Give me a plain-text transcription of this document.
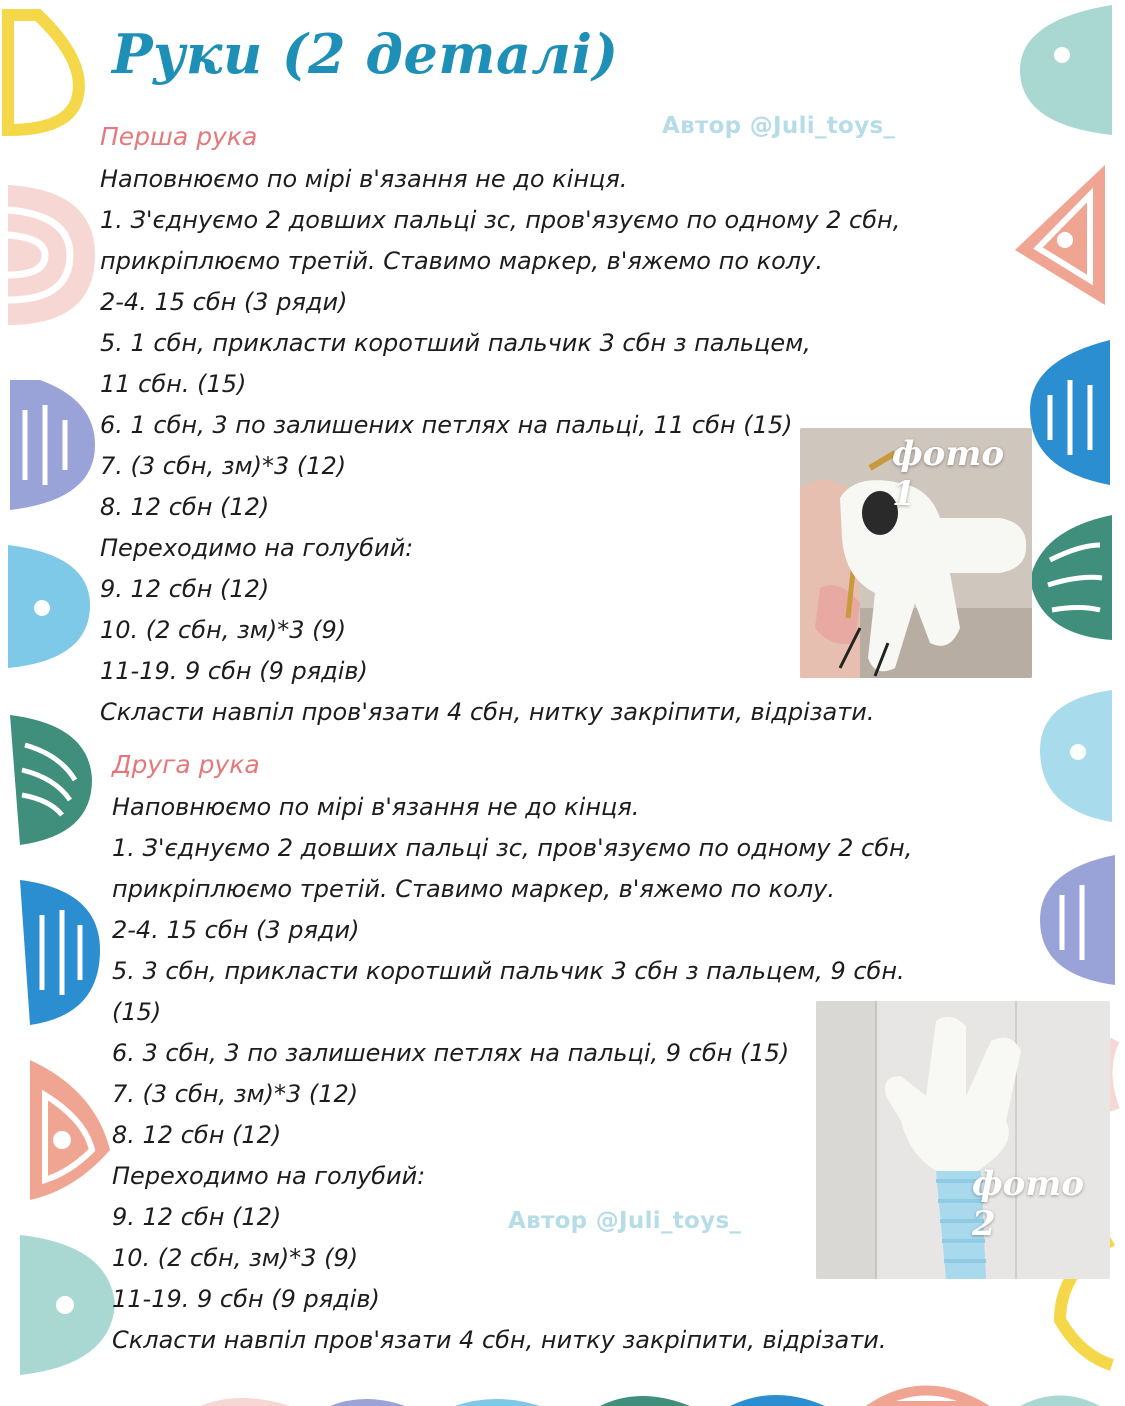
Руки (2 деталі)
Автор @Juli_toys_
Автор @Juli_toys_
Перша рука
Наповнюємо по мірі в'язання не до кінця.
1. З'єднуємо 2 довших пальці зс, пров'язуємо по одному 2 сбн,
прикріплюємо третій. Ставимо маркер, в'яжемо по колу.
2-4. 15 сбн (3 ряди)
5. 1 сбн, прикласти коротший пальчик 3 сбн з пальцем,
11 сбн. (15)
6. 1 сбн, 3 по залишених петлях на пальці, 11 сбн (15)
7. (3 сбн, зм)*3 (12)
8. 12 сбн (12)
Переходимо на голубий:
9. 12 сбн (12)
10. (2 сбн, зм)*3 (9)
11-19. 9 сбн (9 рядів)
Скласти навпіл пров'язати 4 сбн, нитку закріпити, відрізати.
Друга рука
Наповнюємо по мірі в'язання не до кінця.
1. З'єднуємо 2 довших пальці зс, пров'язуємо по одному 2 сбн,
прикріплюємо третій. Ставимо маркер, в'яжемо по колу.
2-4. 15 сбн (3 ряди)
5. 3 сбн, прикласти коротший пальчик 3 сбн з пальцем, 9 сбн.
(15)
6. 3 сбн, 3 по залишених петлях на пальці, 9 сбн (15)
7. (3 сбн, зм)*3 (12)
8. 12 сбн (12)
Переходимо на голубий:
9. 12 сбн (12)
10. (2 сбн, зм)*3 (9)
11-19. 9 сбн (9 рядів)
Скласти навпіл пров'язати 4 сбн, нитку закріпити, відрізати.
фото 1
фото 2
